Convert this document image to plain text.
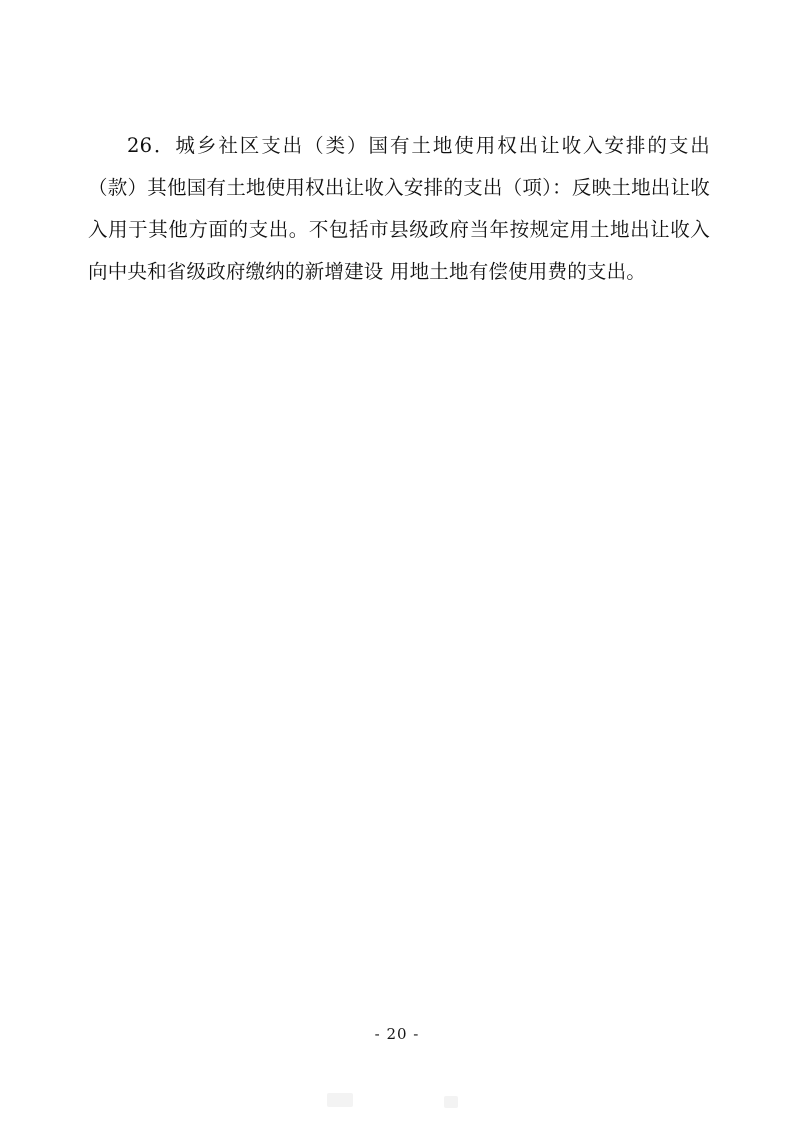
26．城乡社区支出（类）国有土地使用权出让收入安排的支出（款）其他国有土地使用权出让收入安排的支出（项）：反映土地出让收入用于其他方面的支出。不包括市县级政府当年按规定用土地出让收入向中央和省级政府缴纳的新增建设 用地土地有偿使用费的支出。

- 20 -
